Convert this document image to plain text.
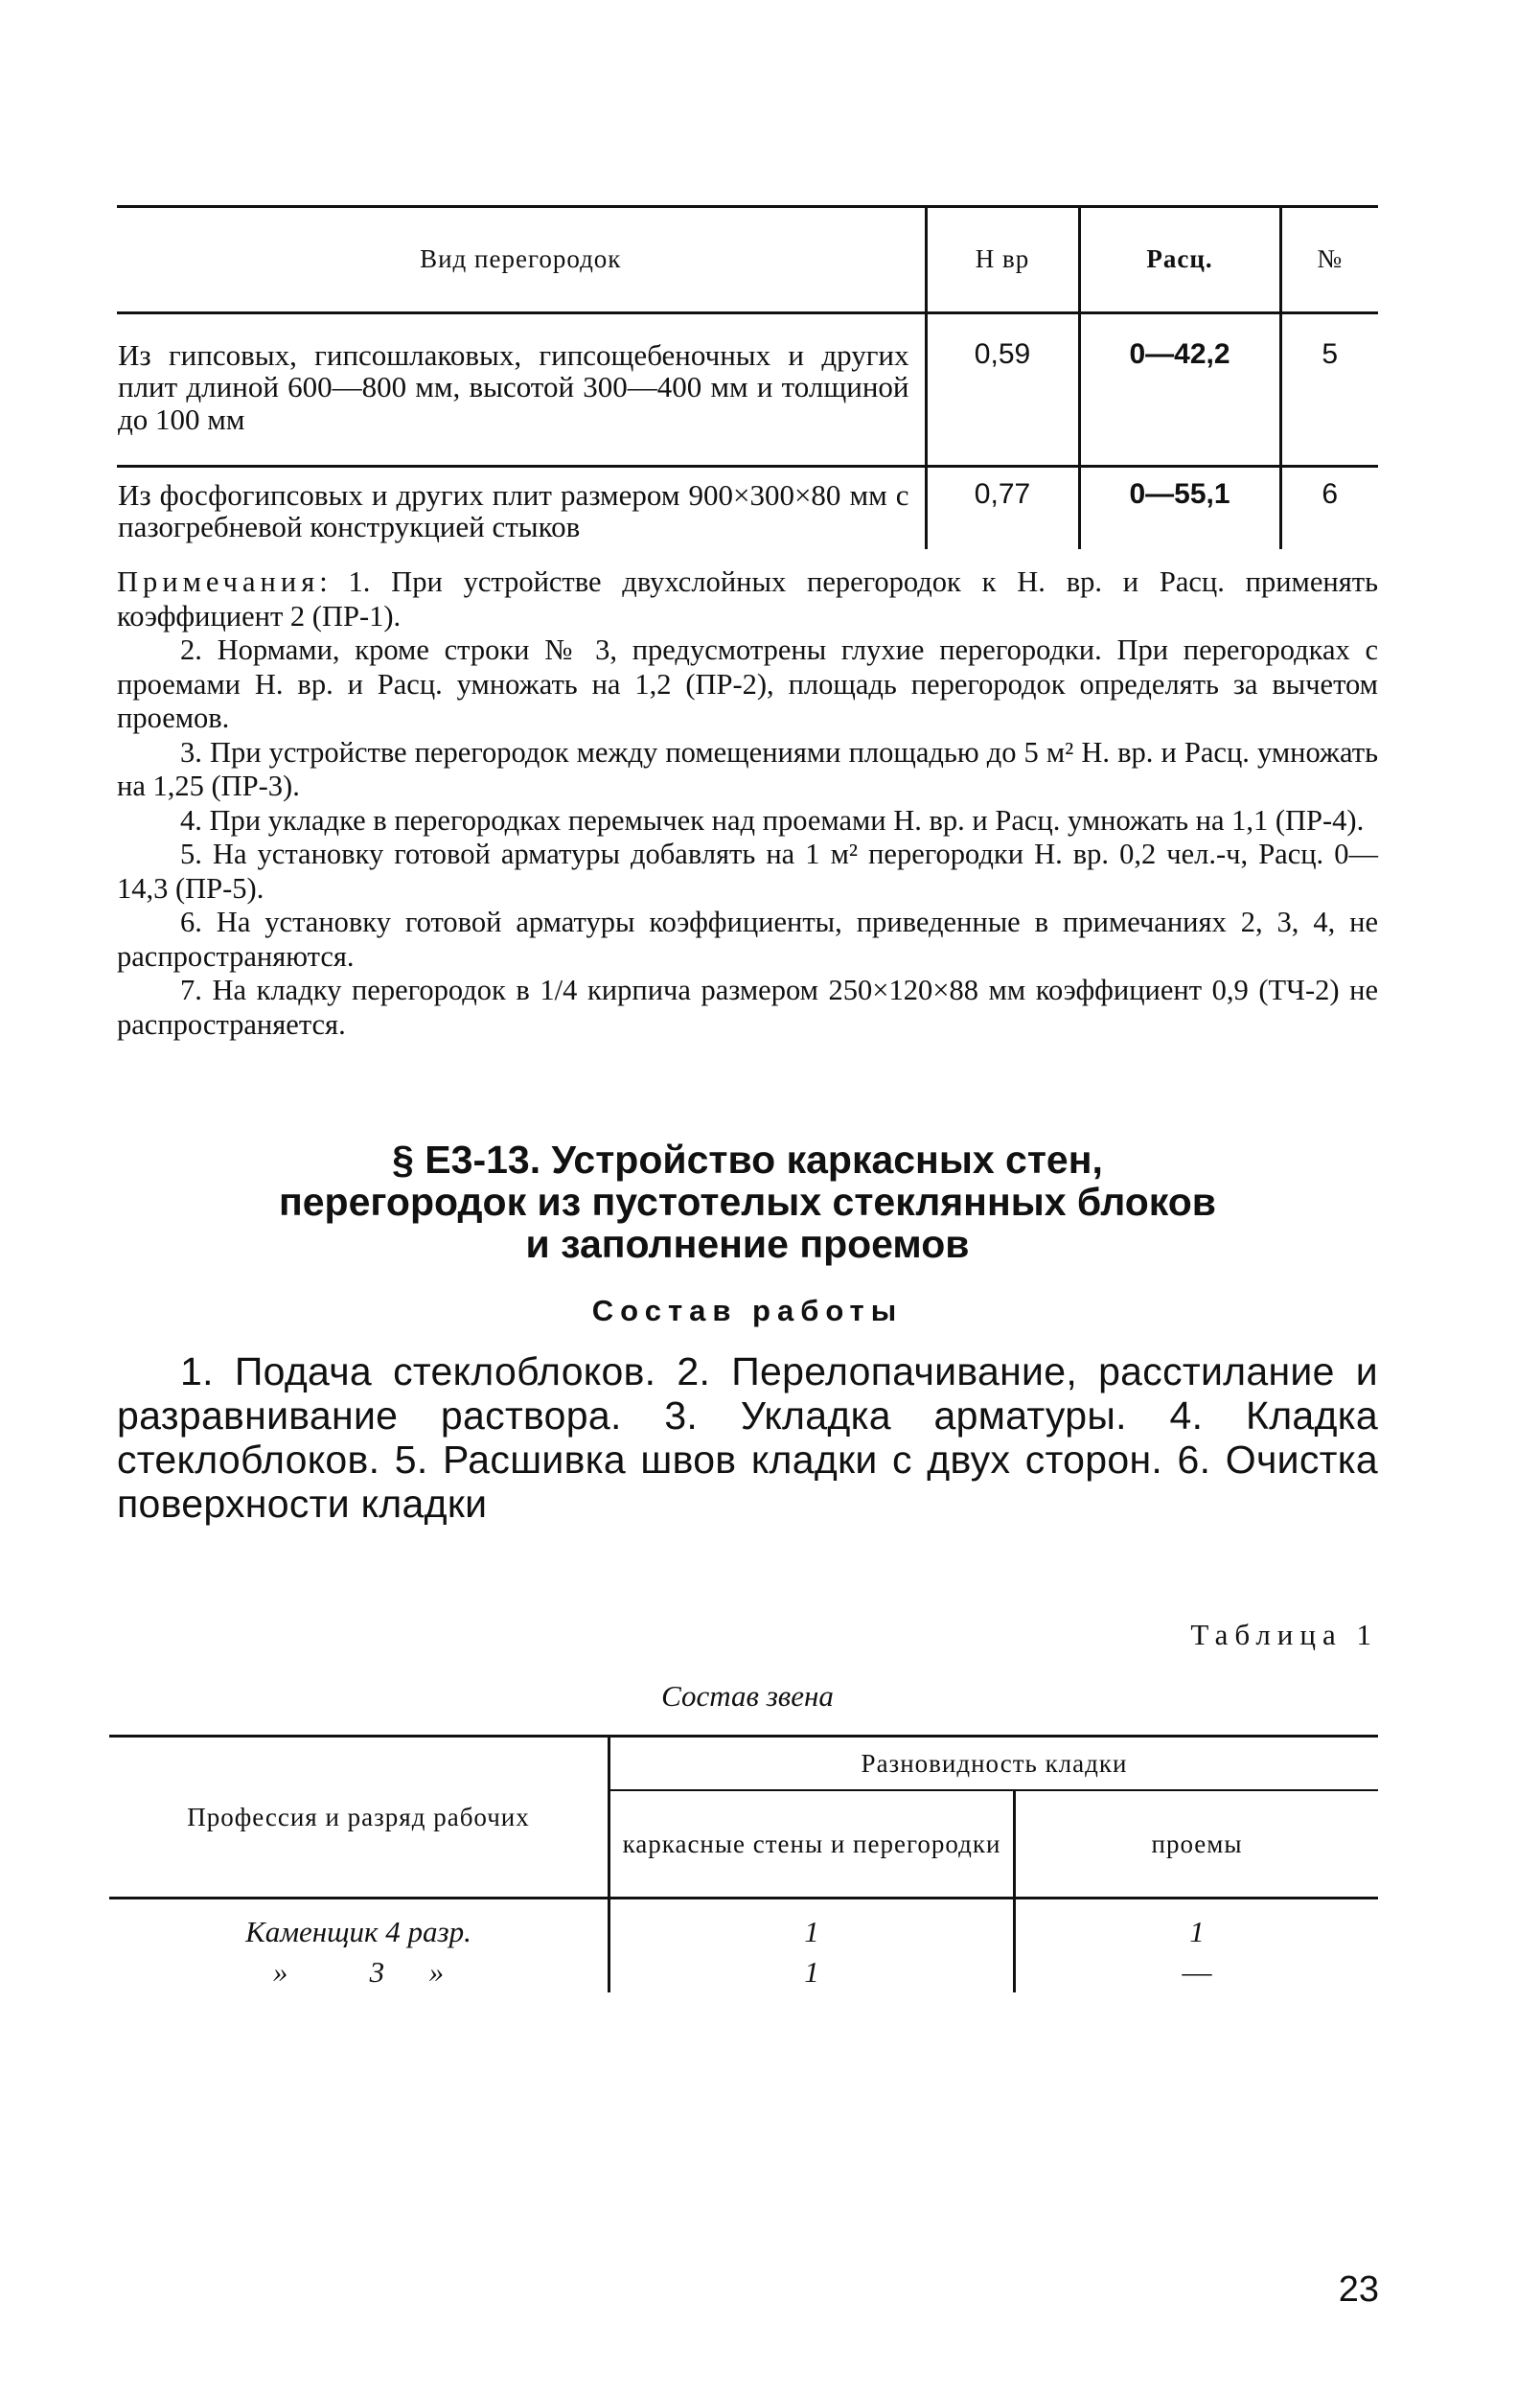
Вид перегородок	Н вр	Расц.	№
Из гипсовых, гипсошлаковых, гипсощебеночных и других плит длиной 600—800 мм, высотой 300—400 мм и толщиной до 100 мм	0,59	0—42,2	5
Из фосфогипсовых и других плит размером 900×300×80 мм с пазогребневой конструкцией стыков	0,77	0—55,1	6

Примечания: 1. При устройстве двухслойных перегородок к Н. вр. и Расц. применять коэффициент 2 (ПР-1).

2. Нормами, кроме строки № 3, предусмотрены глухие перегородки. При перегородках с проемами Н. вр. и Расц. умножать на 1,2 (ПР-2), площадь перегородок определять за вычетом проемов.

3. При устройстве перегородок между помещениями площадью до 5 м² Н. вр. и Расц. умножать на 1,25 (ПР-3).

4. При укладке в перегородках перемычек над проемами Н. вр. и Расц. умножать на 1,1 (ПР-4).

5. На установку готовой арматуры добавлять на 1 м² перегородки Н. вр. 0,2 чел.-ч, Расц. 0—14,3 (ПР-5).

6. На установку готовой арматуры коэффициенты, приведенные в примечаниях 2, 3, 4, не распространяются.

7. На кладку перегородок в 1/4 кирпича размером 250×120×88 мм коэффициент 0,9 (ТЧ-2) не распространяется.

§ Е3-13. Устройство каркасных стен,
перегородок из пустотелых стеклянных блоков
и заполнение проемов
Состав работы

1. Подача стеклоблоков. 2. Перелопачивание, расстилание и разравнивание раствора. 3. Укладка арматуры. 4. Кладка стеклоблоков. 5. Расшивка швов кладки с двух сторон. 6. Очистка поверхности кладки

Таблица 1
Состав звена
Профессия и разряд рабочих	Разновидность кладки	
	каркасные стены и перегородки	проемы
Каменщик 4 разр.	1	1
»           3      »	1	—
23
